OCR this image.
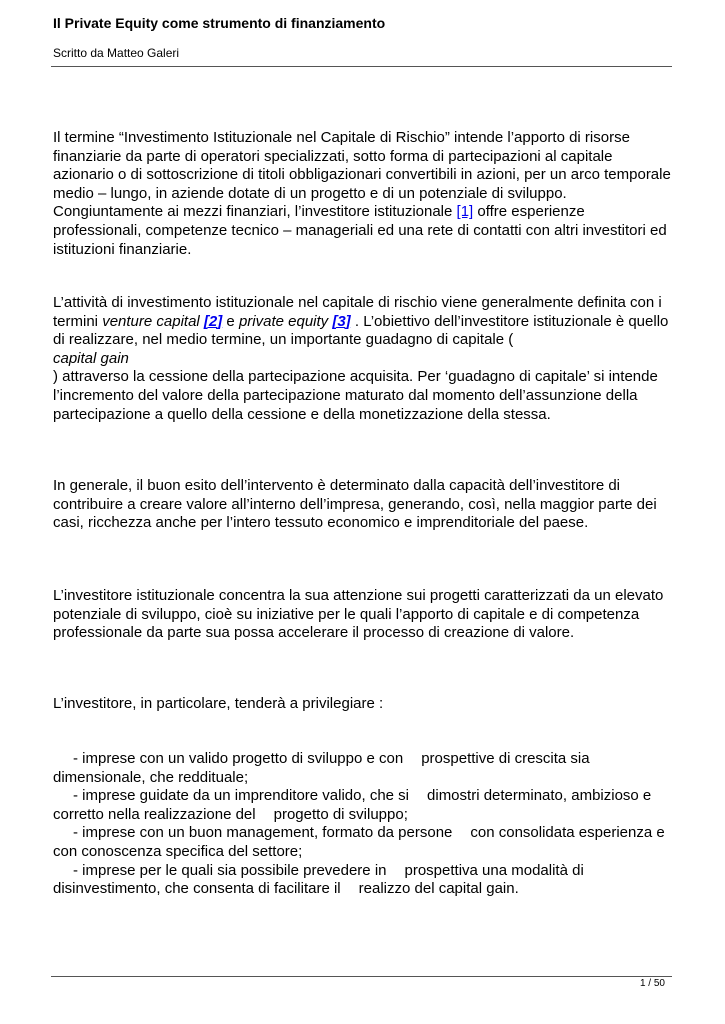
Il Private Equity come strumento di finanziamento
Scritto da Matteo Galeri

Il termine “Investimento Istituzionale nel Capitale di Rischio” intende l’apporto di risorse finanziarie da parte di operatori specializzati, sotto forma di partecipazioni al capitale azionario o di sottoscrizione di titoli obbligazionari convertibili in azioni, per un arco temporale medio – lungo, in aziende dotate di un progetto e di un potenziale di sviluppo. Congiuntamente ai mezzi finanziari, l’investitore istituzionale [1] offre esperienze professionali, competenze tecnico – manageriali ed una rete di contatti con altri investitori ed istituzioni finanziarie.

L’attività di investimento istituzionale nel capitale di rischio viene generalmente definita con i termini venture capital [2] e private equity [3] . L’obiettivo dell’investitore istituzionale è quello di realizzare, nel medio termine, un importante guadagno di capitale (
capital gain
) attraverso la cessione della partecipazione acquisita. Per ‘guadagno di capitale’ si intende l’incremento del valore della partecipazione maturato dal momento dell’assunzione della partecipazione a quello della cessione e della monetizzazione della stessa.

In generale, il buon esito dell’intervento è determinato dalla capacità dell’investitore di contribuire a creare valore all’interno dell’impresa, generando, così, nella maggior parte dei casi, ricchezza anche per l’intero tessuto economico e imprenditoriale del paese.

L’investitore istituzionale concentra la sua attenzione sui progetti caratterizzati da un elevato potenziale di sviluppo, cioè su iniziative per le quali l’apporto di capitale e di competenza professionale da parte sua possa accelerare il processo di creazione di valore.

L’investitore, in particolare, tenderà a privilegiare :

- imprese con un valido progetto di sviluppo e con prospettive di crescita sia
dimensionale, che reddituale;
- imprese guidate da un imprenditore valido, che si dimostri determinato, ambizioso e
corretto nella realizzazione del progetto di sviluppo;
- imprese con un buon management, formato da persone con consolidata esperienza e
con conoscenza specifica del settore;
- imprese per le quali sia possibile prevedere in prospettiva una modalità di
disinvestimento, che consenta di facilitare il realizzo del capital gain.
1 / 50
